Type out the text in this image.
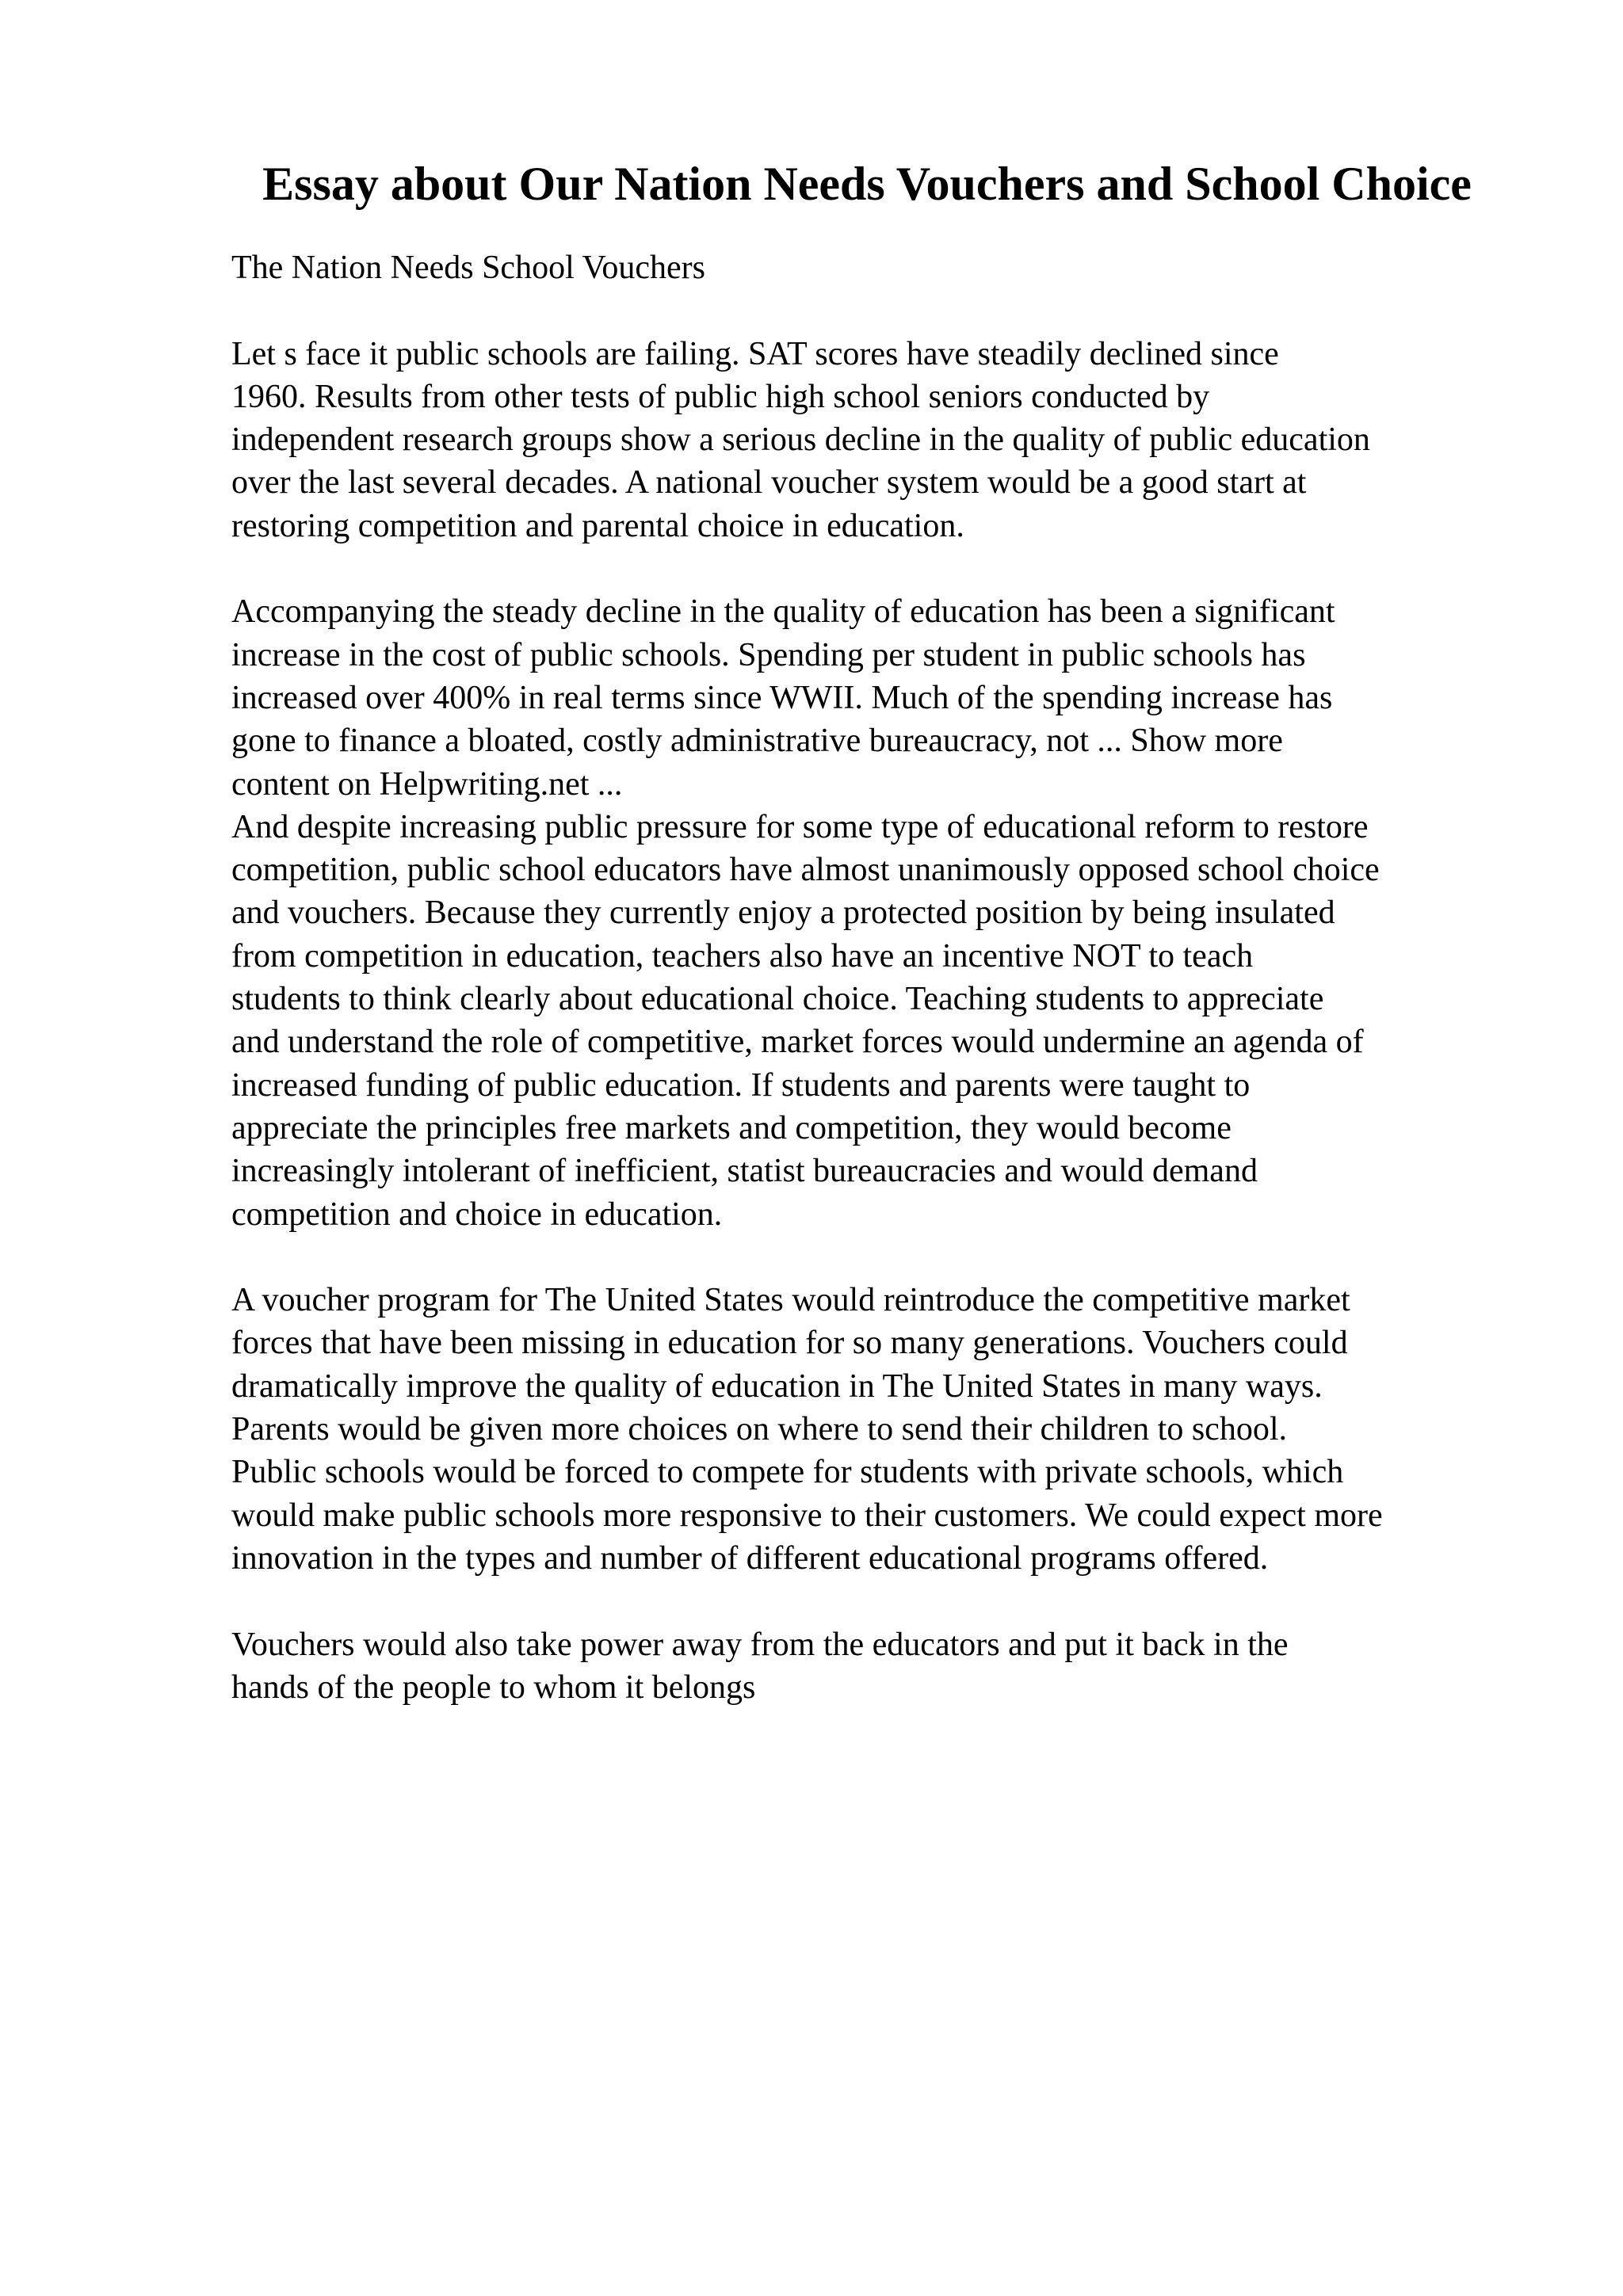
Essay about Our Nation Needs Vouchers and School Choice
The Nation Needs School Vouchers
Let s face it public schools are failing. SAT scores have steadily declined since
1960. Results from other tests of public high school seniors conducted by
independent research groups show a serious decline in the quality of public education
over the last several decades. A national voucher system would be a good start at
restoring competition and parental choice in education.
Accompanying the steady decline in the quality of education has been a significant
increase in the cost of public schools. Spending per student in public schools has
increased over 400% in real terms since WWII. Much of the spending increase has
gone to finance a bloated, costly administrative bureaucracy, not ... Show more
content on Helpwriting.net ...
And despite increasing public pressure for some type of educational reform to restore
competition, public school educators have almost unanimously opposed school choice
and vouchers. Because they currently enjoy a protected position by being insulated
from competition in education, teachers also have an incentive NOT to teach
students to think clearly about educational choice. Teaching students to appreciate
and understand the role of competitive, market forces would undermine an agenda of
increased funding of public education. If students and parents were taught to
appreciate the principles free markets and competition, they would become
increasingly intolerant of inefficient, statist bureaucracies and would demand
competition and choice in education.
A voucher program for The United States would reintroduce the competitive market
forces that have been missing in education for so many generations. Vouchers could
dramatically improve the quality of education in The United States in many ways.
Parents would be given more choices on where to send their children to school.
Public schools would be forced to compete for students with private schools, which
would make public schools more responsive to their customers. We could expect more
innovation in the types and number of different educational programs offered.
Vouchers would also take power away from the educators and put it back in the
hands of the people to whom it belongs
